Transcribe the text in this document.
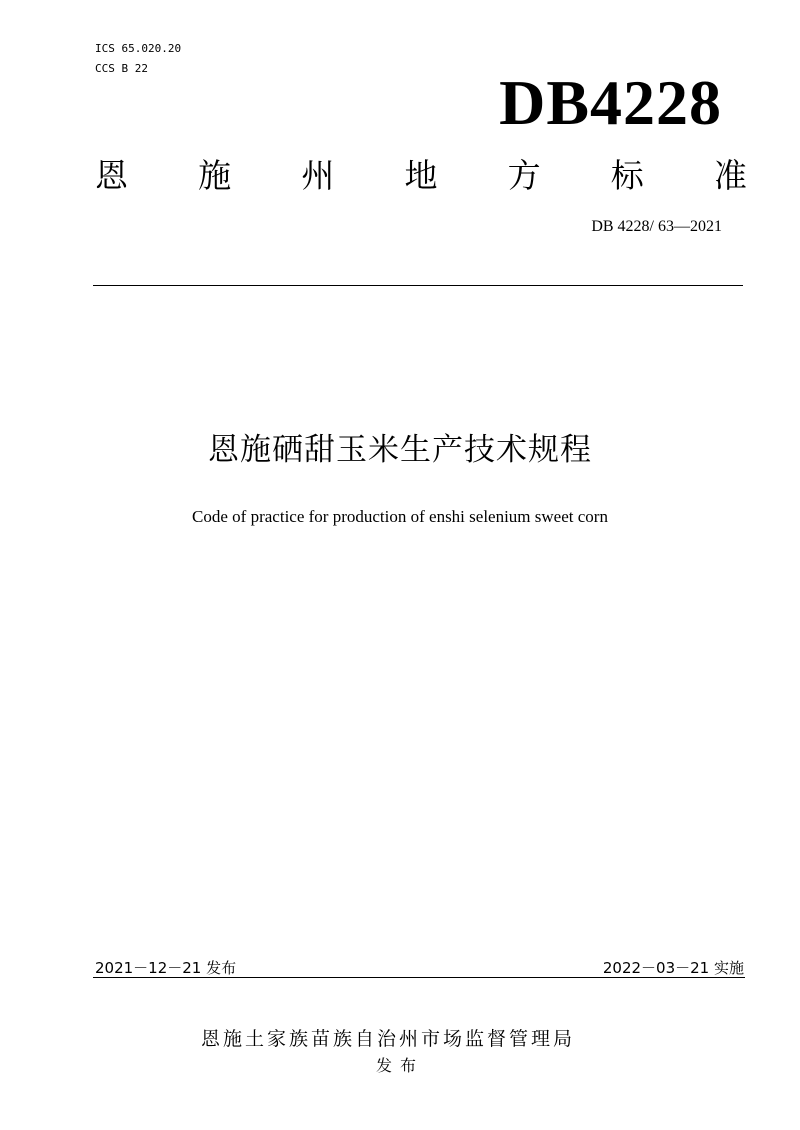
ICS 65.020.20
CCS B 22	DB4228
恩 施 州 地 方 标 准
DB 4228/ 63—2021
恩施硒甜玉米生产技术规程
Code of practice for production of enshi selenium sweet corn
2021－12－21 发布	2022－03－21 实施
恩施土家族苗族自治州市场监督管理局
发布
